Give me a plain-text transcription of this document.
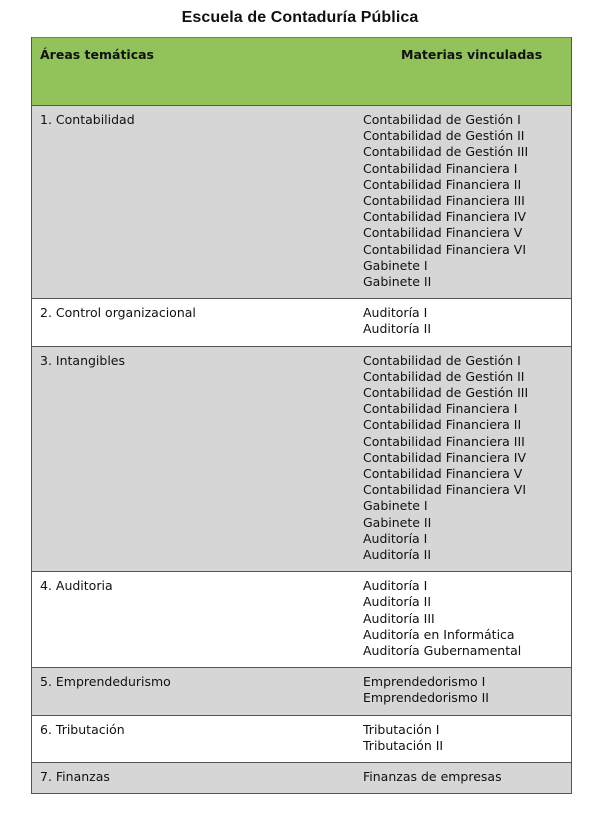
Escuela de Contaduría Pública
Áreas temáticas	Materias vinculadas
1. Contabilidad	Contabilidad de Gestión I
Contabilidad de Gestión II
Contabilidad de Gestión III
Contabilidad Financiera I
Contabilidad Financiera II
Contabilidad Financiera III
Contabilidad Financiera IV
Contabilidad Financiera V
Contabilidad Financiera VI
Gabinete I
Gabinete II
2. Control organizacional	Auditoría I
Auditoría II
3. Intangibles	Contabilidad de Gestión I
Contabilidad de Gestión II
Contabilidad de Gestión III
Contabilidad Financiera I
Contabilidad Financiera II
Contabilidad Financiera III
Contabilidad Financiera IV
Contabilidad Financiera V
Contabilidad Financiera VI
Gabinete I
Gabinete II
Auditoría I
Auditoría II
4. Auditoria	Auditoría I
Auditoría II
Auditoría III
Auditoría en Informática
Auditoría Gubernamental
5. Emprendedurismo	Emprendedorismo I
Emprendedorismo II
6. Tributación	Tributación I
Tributación II
7. Finanzas	Finanzas de empresas
